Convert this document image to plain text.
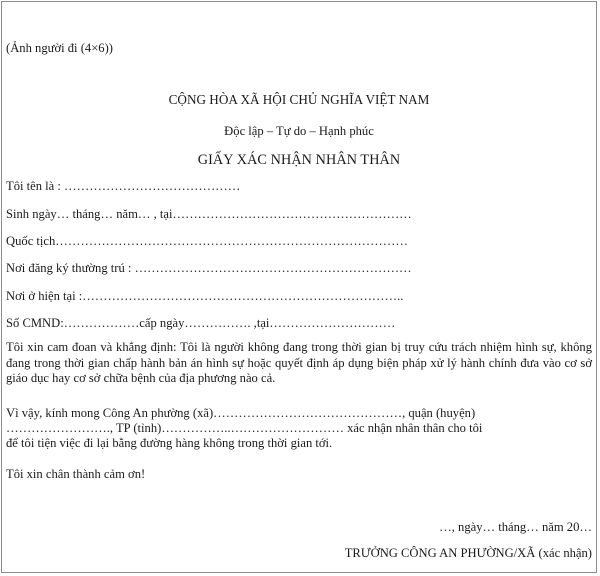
(Ảnh người đi (4×6))
CỘNG HÒA XÃ HỘI CHỦ NGHĨA VIỆT NAM
Độc lập – Tự do – Hạnh phúc
GIẤY XÁC NHẬN NHÂN THÂN
Tôi tên là : ……………………………………
Sinh ngày… tháng… năm… , tại…………………………………………………
Quốc tịch…………………………………………………………………………
Nơi đăng ký thường trú : …………………………………………………………
Nơi ở hiện tại :…………………………………………………………………..
Số CMND:………………cấp ngày……………. ,tại…………………………
Tôi xin cam đoan và khẳng định: Tôi là người không đang trong thời gian bị truy cứu trách nhiệm hình sự, không đang trong thời gian chấp hành bản án hình sự hoặc quyết định áp dụng biện pháp xử lý hành chính đưa vào cơ sở giáo dục hay cơ sở chữa bệnh của địa phương nào cả.
Vì vậy, kính mong Công An phường (xã)………………………………………, quận (huyện)
……………………., TP (tỉnh)……………..……………………… xác nhận nhân thân cho tôi
để tôi tiện việc đi lại bằng đường hàng không trong thời gian tới.
Tôi xin chân thành cảm ơn!
…, ngày… tháng… năm 20…
TRƯỞNG CÔNG AN PHƯỜNG/XÃ (xác nhận)
